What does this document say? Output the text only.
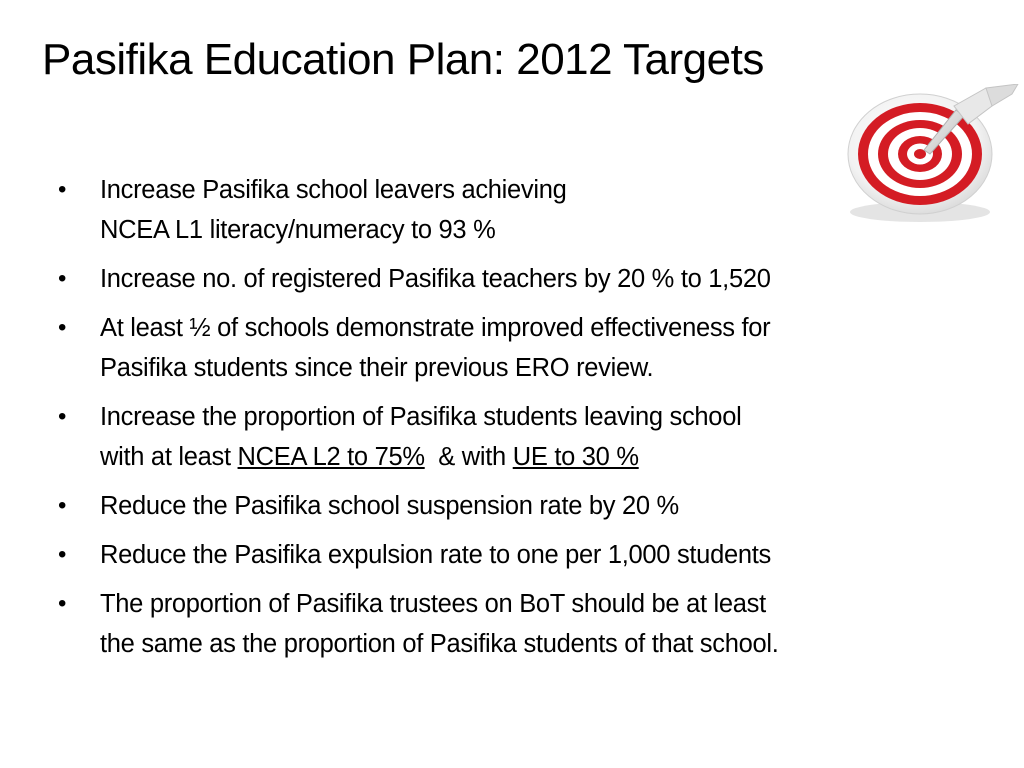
Pasifika Education Plan: 2012 Targets
• Increase Pasifika school leavers achieving
NCEA L1 literacy/numeracy to 93 %
• Increase no. of registered Pasifika teachers by 20 % to 1,520
• At least ½ of schools demonstrate improved effectiveness for
Pasifika students since their previous ERO review.
• Increase the proportion of Pasifika students leaving school
with at least NCEA L2 to 75%  & with UE to 30 %
• Reduce the Pasifika school suspension rate by 20 %
• Reduce the Pasifika expulsion rate to one per 1,000 students
• The proportion of Pasifika trustees on BoT should be at least
the same as the proportion of Pasifika students of that school.
